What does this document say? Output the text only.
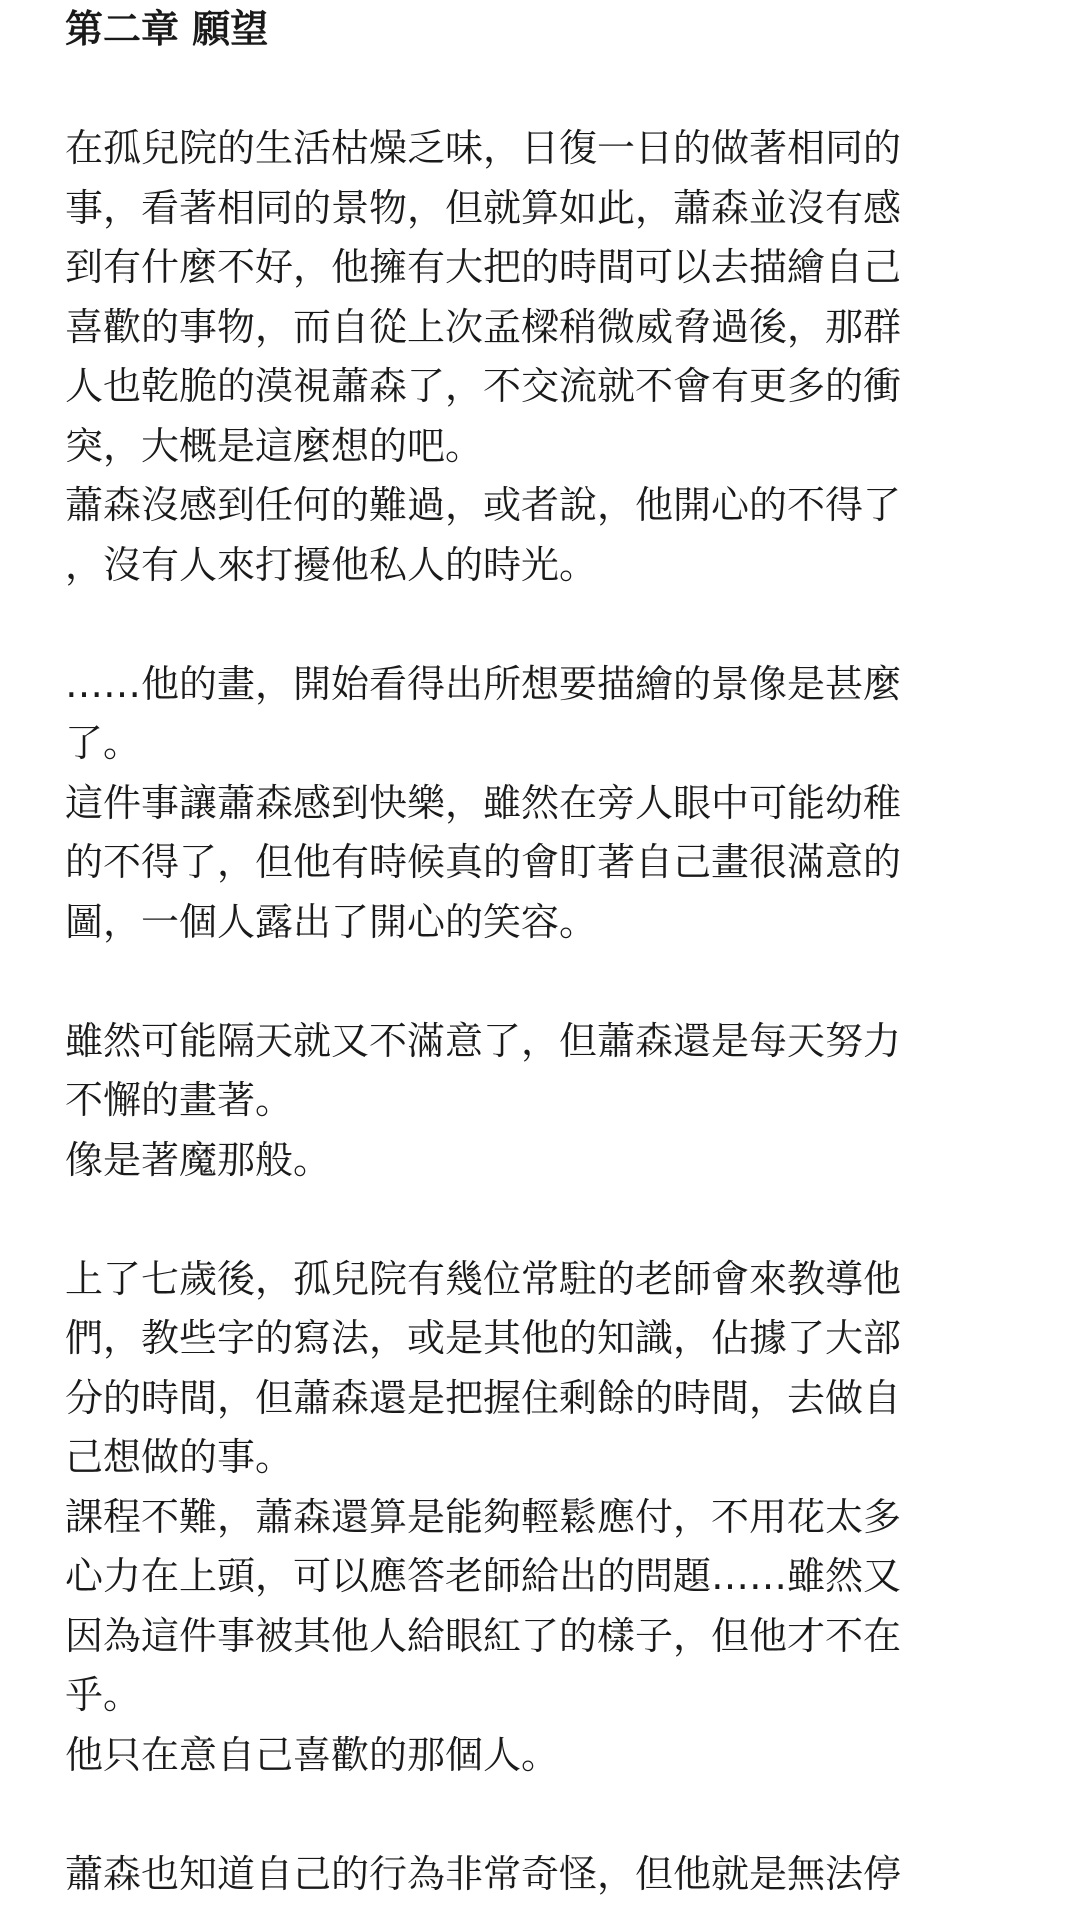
第二章 願望
在孤兒院的生活枯燥乏味，日復一日的做著相同的
事，看著相同的景物，但就算如此，蕭森並沒有感
到有什麼不好，他擁有大把的時間可以去描繪自己
喜歡的事物，而自從上次孟樑稍微威脅過後，那群
人也乾脆的漠視蕭森了，不交流就不會有更多的衝
突，大概是這麼想的吧。
蕭森沒感到任何的難過，或者說，他開心的不得了
，沒有人來打擾他私人的時光。
……他的畫，開始看得出所想要描繪的景像是甚麼
了。
這件事讓蕭森感到快樂，雖然在旁人眼中可能幼稚
的不得了，但他有時候真的會盯著自己畫很滿意的
圖，一個人露出了開心的笑容。
雖然可能隔天就又不滿意了，但蕭森還是每天努力
不懈的畫著。
像是著魔那般。
上了七歲後，孤兒院有幾位常駐的老師會來教導他
們，教些字的寫法，或是其他的知識，佔據了大部
分的時間，但蕭森還是把握住剩餘的時間，去做自
己想做的事。
課程不難，蕭森還算是能夠輕鬆應付，不用花太多
心力在上頭，可以應答老師給出的問題……雖然又
因為這件事被其他人給眼紅了的樣子，但他才不在
乎。
他只在意自己喜歡的那個人。
蕭森也知道自己的行為非常奇怪，但他就是無法停
